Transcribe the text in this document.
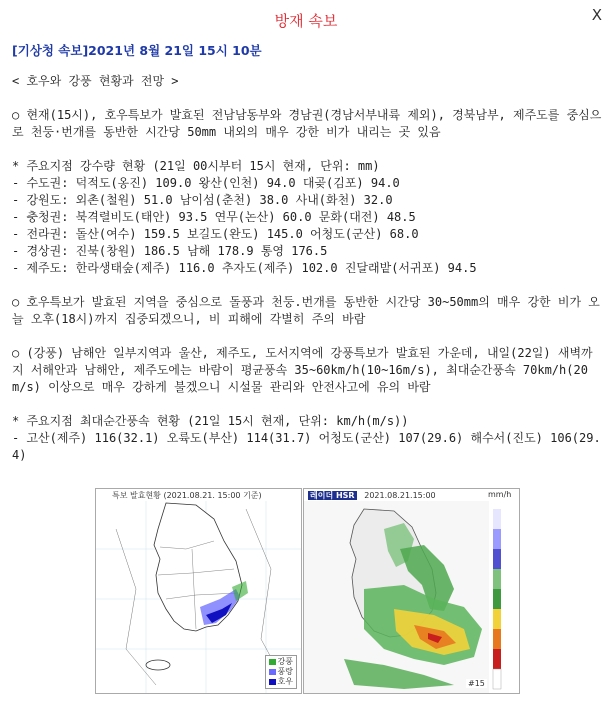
방재 속보	X
[기상청 속보]2021년 8월 21일 15시 10분
< 호우와 강풍 현황과 전망 >
○ 현재(15시), 호우특보가 발효된 전남남동부와 경남권(경남서부내륙 제외), 경북남부, 제주도를 중심으로 천둥·번개를 동반한 시간당 50mm 내외의 매우 강한 비가 내리는 곳 있음
* 주요지점 강수량 현황 (21일 00시부터 15시 현재, 단위: mm)
- 수도권: 덕적도(옹진) 109.0 왕산(인천) 94.0 대곶(김포) 94.0
- 강원도: 외촌(철원) 51.0 남이섬(춘천) 38.0 사내(화천) 32.0
- 충청권: 북격렬비도(태안) 93.5 연무(논산) 60.0 문화(대전) 48.5
- 전라권: 돌산(여수) 159.5 보길도(완도) 145.0 어청도(군산) 68.0
- 경상권: 진북(창원) 186.5 남해 178.9 통영 176.5
- 제주도: 한라생태숲(제주) 116.0 추자도(제주) 102.0 진달래밭(서귀포) 94.5
○ 호우특보가 발효된 지역을 중심으로 돌풍과 천둥.번개를 동반한 시간당 30~50mm의 매우 강한 비가 오늘 오후(18시)까지 집중되겠으니, 비 피해에 각별히 주의 바람
○ (강풍) 남해안 일부지역과 울산, 제주도, 도서지역에 강풍특보가 발효된 가운데, 내일(22일) 새벽까지 서해안과 남해안, 제주도에는 바람이 평균풍속 35~60km/h(10~16m/s), 최대순간풍속 70km/h(20m/s) 이상으로 매우 강하게 불겠으니 시설물 관리와 안전사고에 유의 바람
* 주요지점 최대순간풍속 현황 (21일 15시 현재, 단위: km/h(m/s))
- 고산(제주) 116(32.1) 오륙도(부산) 114(31.7) 어청도(군산) 107(29.6) 해수서(진도) 106(29.4)
특보 발효현황 (2021.08.21. 15:00 기준)
강풍
풍랑
호우
레이더 HSR 2021.08.21.15:00	mm/h
#15
